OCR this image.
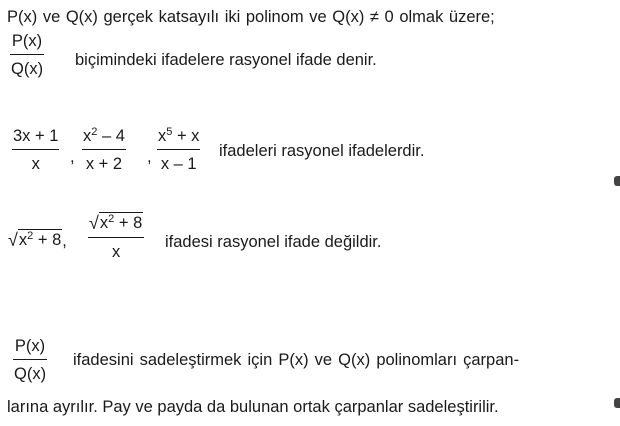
P(x) ve Q(x) gerçek katsayılı iki polinom ve Q(x) ≠ 0 olmak üzere;
P(x)
Q(x)
biçimindeki ifadelere rasyonel ifade denir.
3x + 1
x ,
$x^2 - 4$
x + 2 ,
$x^5 + x$
x – 1
ifadeleri rasyonel ifadelerdir.
√ $x^2 + 8$ ,
√ $x^2 + 8$
x
ifadesi rasyonel ifade değildir.
P(x)
Q(x)
ifadesini sadeleştirmek için P(x) ve Q(x) polinomları çarpan-
larına ayrılır. Pay ve payda da bulunan ortak çarpanlar sadeleştirilir.
